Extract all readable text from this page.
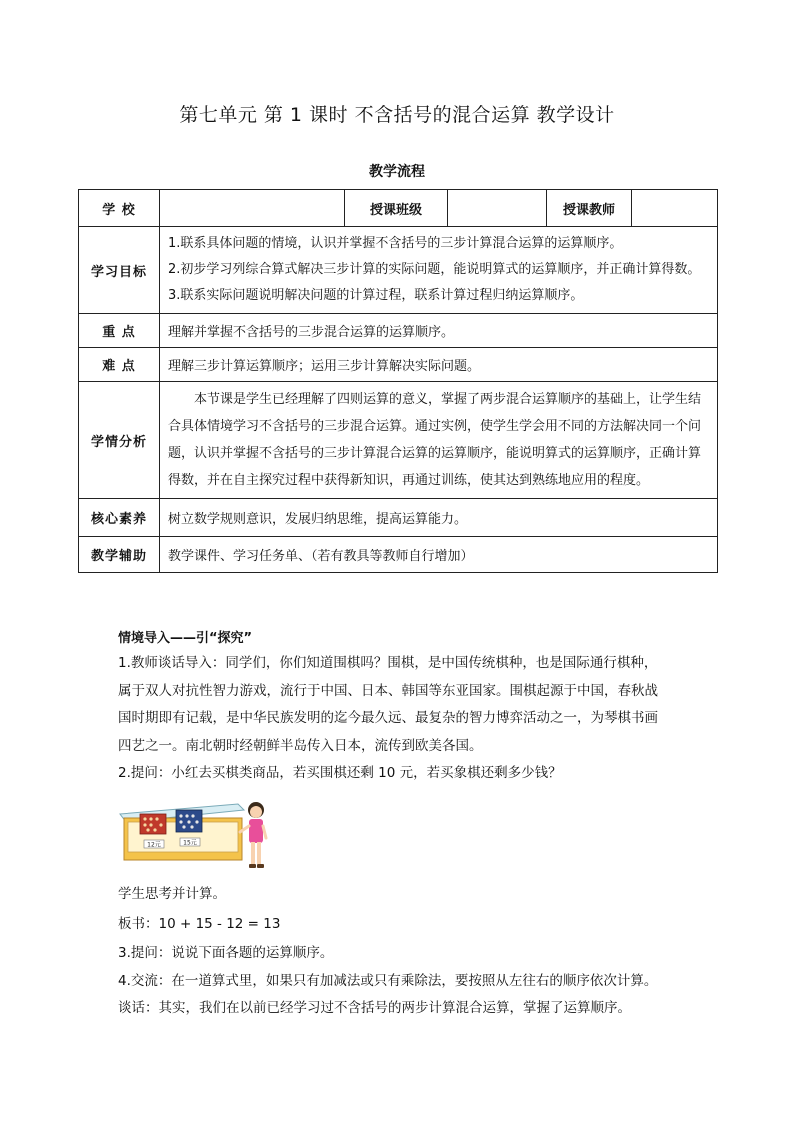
第七单元 第 1 课时 不含括号的混合运算 教学设计
教学流程
学 校		授课班级		授课教师	
学习目标	1.联系具体问题的情境，认识并掌握不含括号的三步计算混合运算的运算顺序。

2.初步学习列综合算式解决三步计算的实际问题，能说明算式的运算顺序，并正确计算得数。

3.联系实际问题说明解决问题的计算过程，联系计算过程归纳运算顺序。				

重 点	理解并掌握不含括号的三步混合运算的运算顺序。				
难 点	理解三步计算运算顺序；运用三步计算解决实际问题。				
学情分析	本节课是学生已经理解了四则运算的意义，掌握了两步混合运算顺序的基础上，让学生结合具体情境学习不含括号的三步混合运算。通过实例，使学生学会用不同的方法解决同一个问题，认识并掌握不含括号的三步计算混合运算的运算顺序，能说明算式的运算顺序，正确计算得数，并在自主探究过程中获得新知识，再通过训练，使其达到熟练地应用的程度。				

核心素养	树立数学规则意识，发展归纳思维，提高运算能力。				
教学辅助	教学课件、学习任务单、（若有教具等教师自行增加）				
情境导入——引“探究”

1.教师谈话导入：同学们，你们知道围棋吗？围棋，是中国传统棋种，也是国际通行棋种，

属于双人对抗性智力游戏，流行于中国、日本、韩国等东亚国家。围棋起源于中国，春秋战

国时期即有记载，是中华民族发明的迄今最久远、最复杂的智力博弈活动之一，为琴棋书画

四艺之一。南北朝时经朝鲜半岛传入日本，流传到欧美各国。

2.提问：小红去买棋类商品，若买围棋还剩 10 元，若买象棋还剩多少钱？

12元	15元
学生思考并计算。
板书：10 + 15 - 12 = 13
3.提问：说说下面各题的运算顺序。
4.交流：在一道算式里，如果只有加减法或只有乘除法，要按照从左往右的顺序依次计算。
谈话：其实，我们在以前已经学习过不含括号的两步计算混合运算，掌握了运算顺序。
